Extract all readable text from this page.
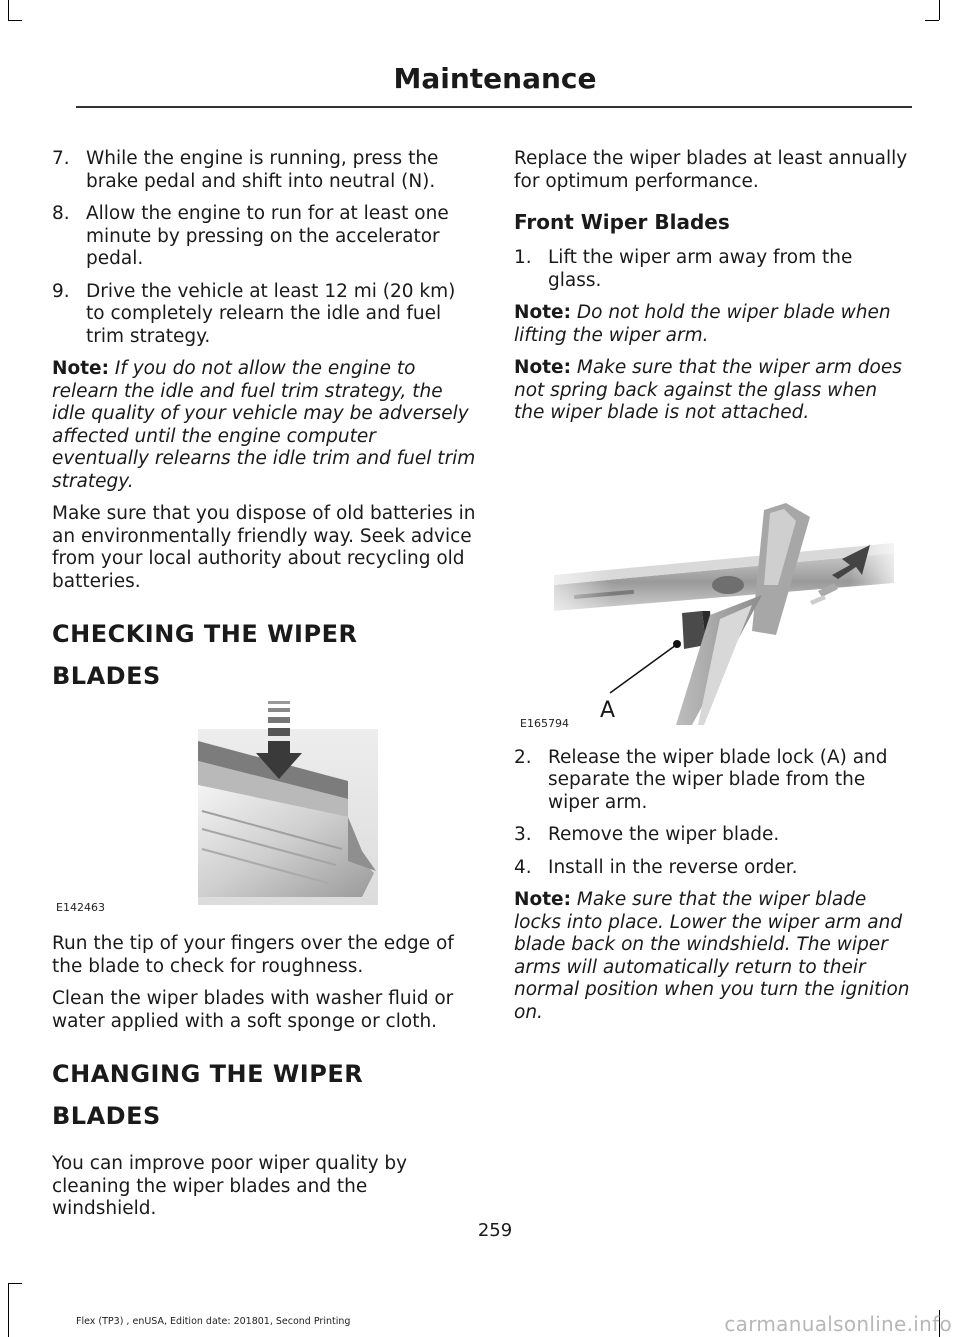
Maintenance
7. While the engine is running, press the brake pedal and shift into neutral (N).
8. Allow the engine to run for at least one minute by pressing on the accelerator pedal.
9. Drive the vehicle at least 12 mi (20 km) to completely relearn the idle and fuel trim strategy.

Note: If you do not allow the engine to relearn the idle and fuel trim strategy, the idle quality of your vehicle may be adversely affected until the engine computer eventually relearns the idle trim and fuel trim strategy.

Make sure that you dispose of old batteries in an environmentally friendly way. Seek advice from your local authority about recycling old batteries.

CHECKING THE WIPER
BLADES
E142463

Run the tip of your fingers over the edge of the blade to check for roughness.

Clean the wiper blades with washer fluid or water applied with a soft sponge or cloth.

CHANGING THE WIPER
BLADES

You can improve poor wiper quality by cleaning the wiper blades and the windshield.

Replace the wiper blades at least annually for optimum performance.

Front Wiper Blades
1. Lift the wiper arm away from the glass.

Note: Do not hold the wiper blade when lifting the wiper arm.

Note: Make sure that the wiper arm does not spring back against the glass when the wiper blade is not attached.

A
E165794
2. Release the wiper blade lock (A) and separate the wiper blade from the wiper arm.
3. Remove the wiper blade.
4. Install in the reverse order.

Note: Make sure that the wiper blade locks into place. Lower the wiper arm and blade back on the windshield. The wiper arms will automatically return to their normal position when you turn the ignition on.

259
Flex (TP3) , enUSA, Edition date: 201801, Second Printing	carmanualsonline.info
